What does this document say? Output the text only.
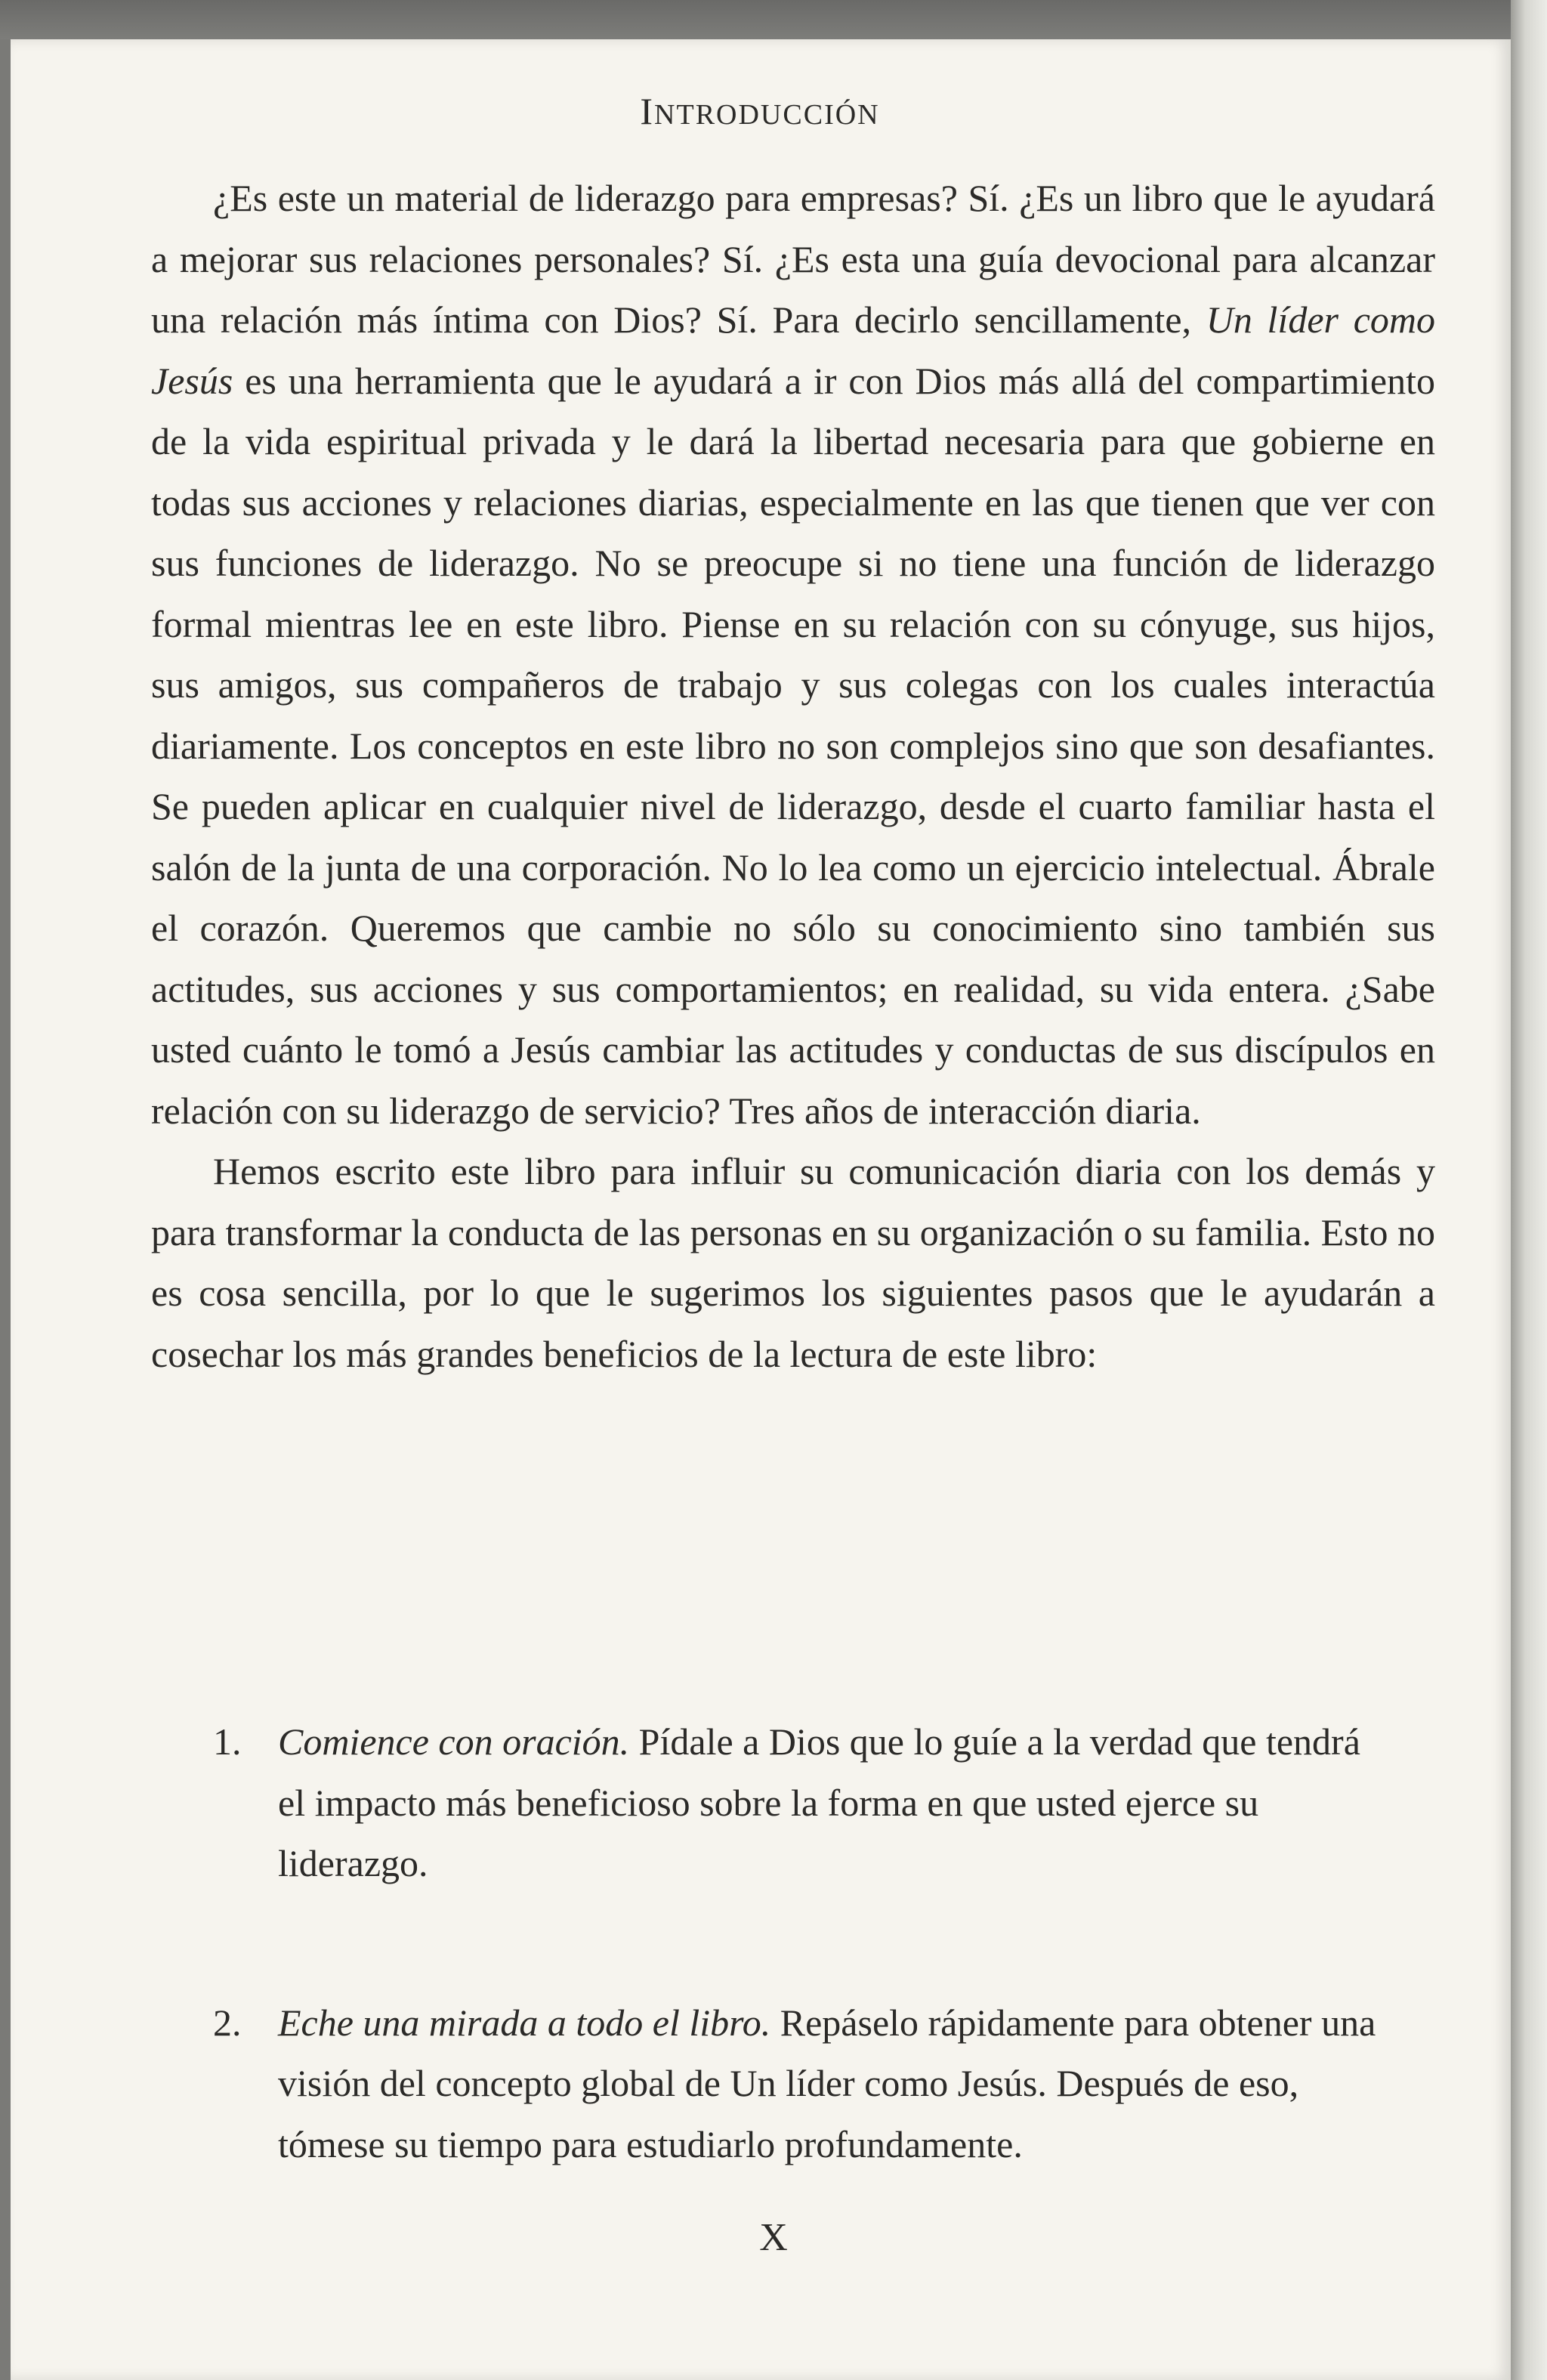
INTRODUCCIÓN

¿Es este un material de liderazgo para empresas? Sí. ¿Es un libro que le ayudará a mejorar sus relaciones personales? Sí. ¿Es esta una guía devocional para alcanzar una relación más íntima con Dios? Sí. Para decirlo sencillamente, Un líder como Jesús es una herramienta que le ayudará a ir con Dios más allá del compartimiento de la vida espiritual privada y le dará la libertad necesaria para que gobierne en todas sus acciones y relaciones diarias, especialmente en las que tienen que ver con sus funciones de liderazgo. No se preocupe si no tiene una función de liderazgo formal mientras lee en este libro. Piense en su relación con su cónyuge, sus hijos, sus amigos, sus compañeros de trabajo y sus colegas con los cuales interactúa diariamente. Los conceptos en este libro no son complejos sino que son desafiantes. Se pueden aplicar en cualquier nivel de liderazgo, desde el cuarto familiar hasta el salón de la junta de una corporación. No lo lea como un ejercicio intelectual. Ábrale el corazón. Queremos que cambie no sólo su conocimiento sino también sus actitudes, sus acciones y sus comportamientos; en realidad, su vida entera. ¿Sabe usted cuánto le tomó a Jesús cambiar las actitudes y conductas de sus discípulos en relación con su liderazgo de servicio? Tres años de interacción diaria.

Hemos escrito este libro para influir su comunicación diaria con los demás y para transformar la conducta de las personas en su organización o su familia. Esto no es cosa sencilla, por lo que le sugerimos los siguientes pasos que le ayudarán a cosechar los más grandes beneficios de la lectura de este libro:

1. Comience con oración. Pídale a Dios que lo guíe a la verdad que tendrá el impacto más beneficioso sobre la forma en que usted ejerce su liderazgo.
2. Eche una mirada a todo el libro. Repáselo rápidamente para obtener una visión del concepto global de Un líder como Jesús. Después de eso, tómese su tiempo para estudiarlo profundamente.
X
